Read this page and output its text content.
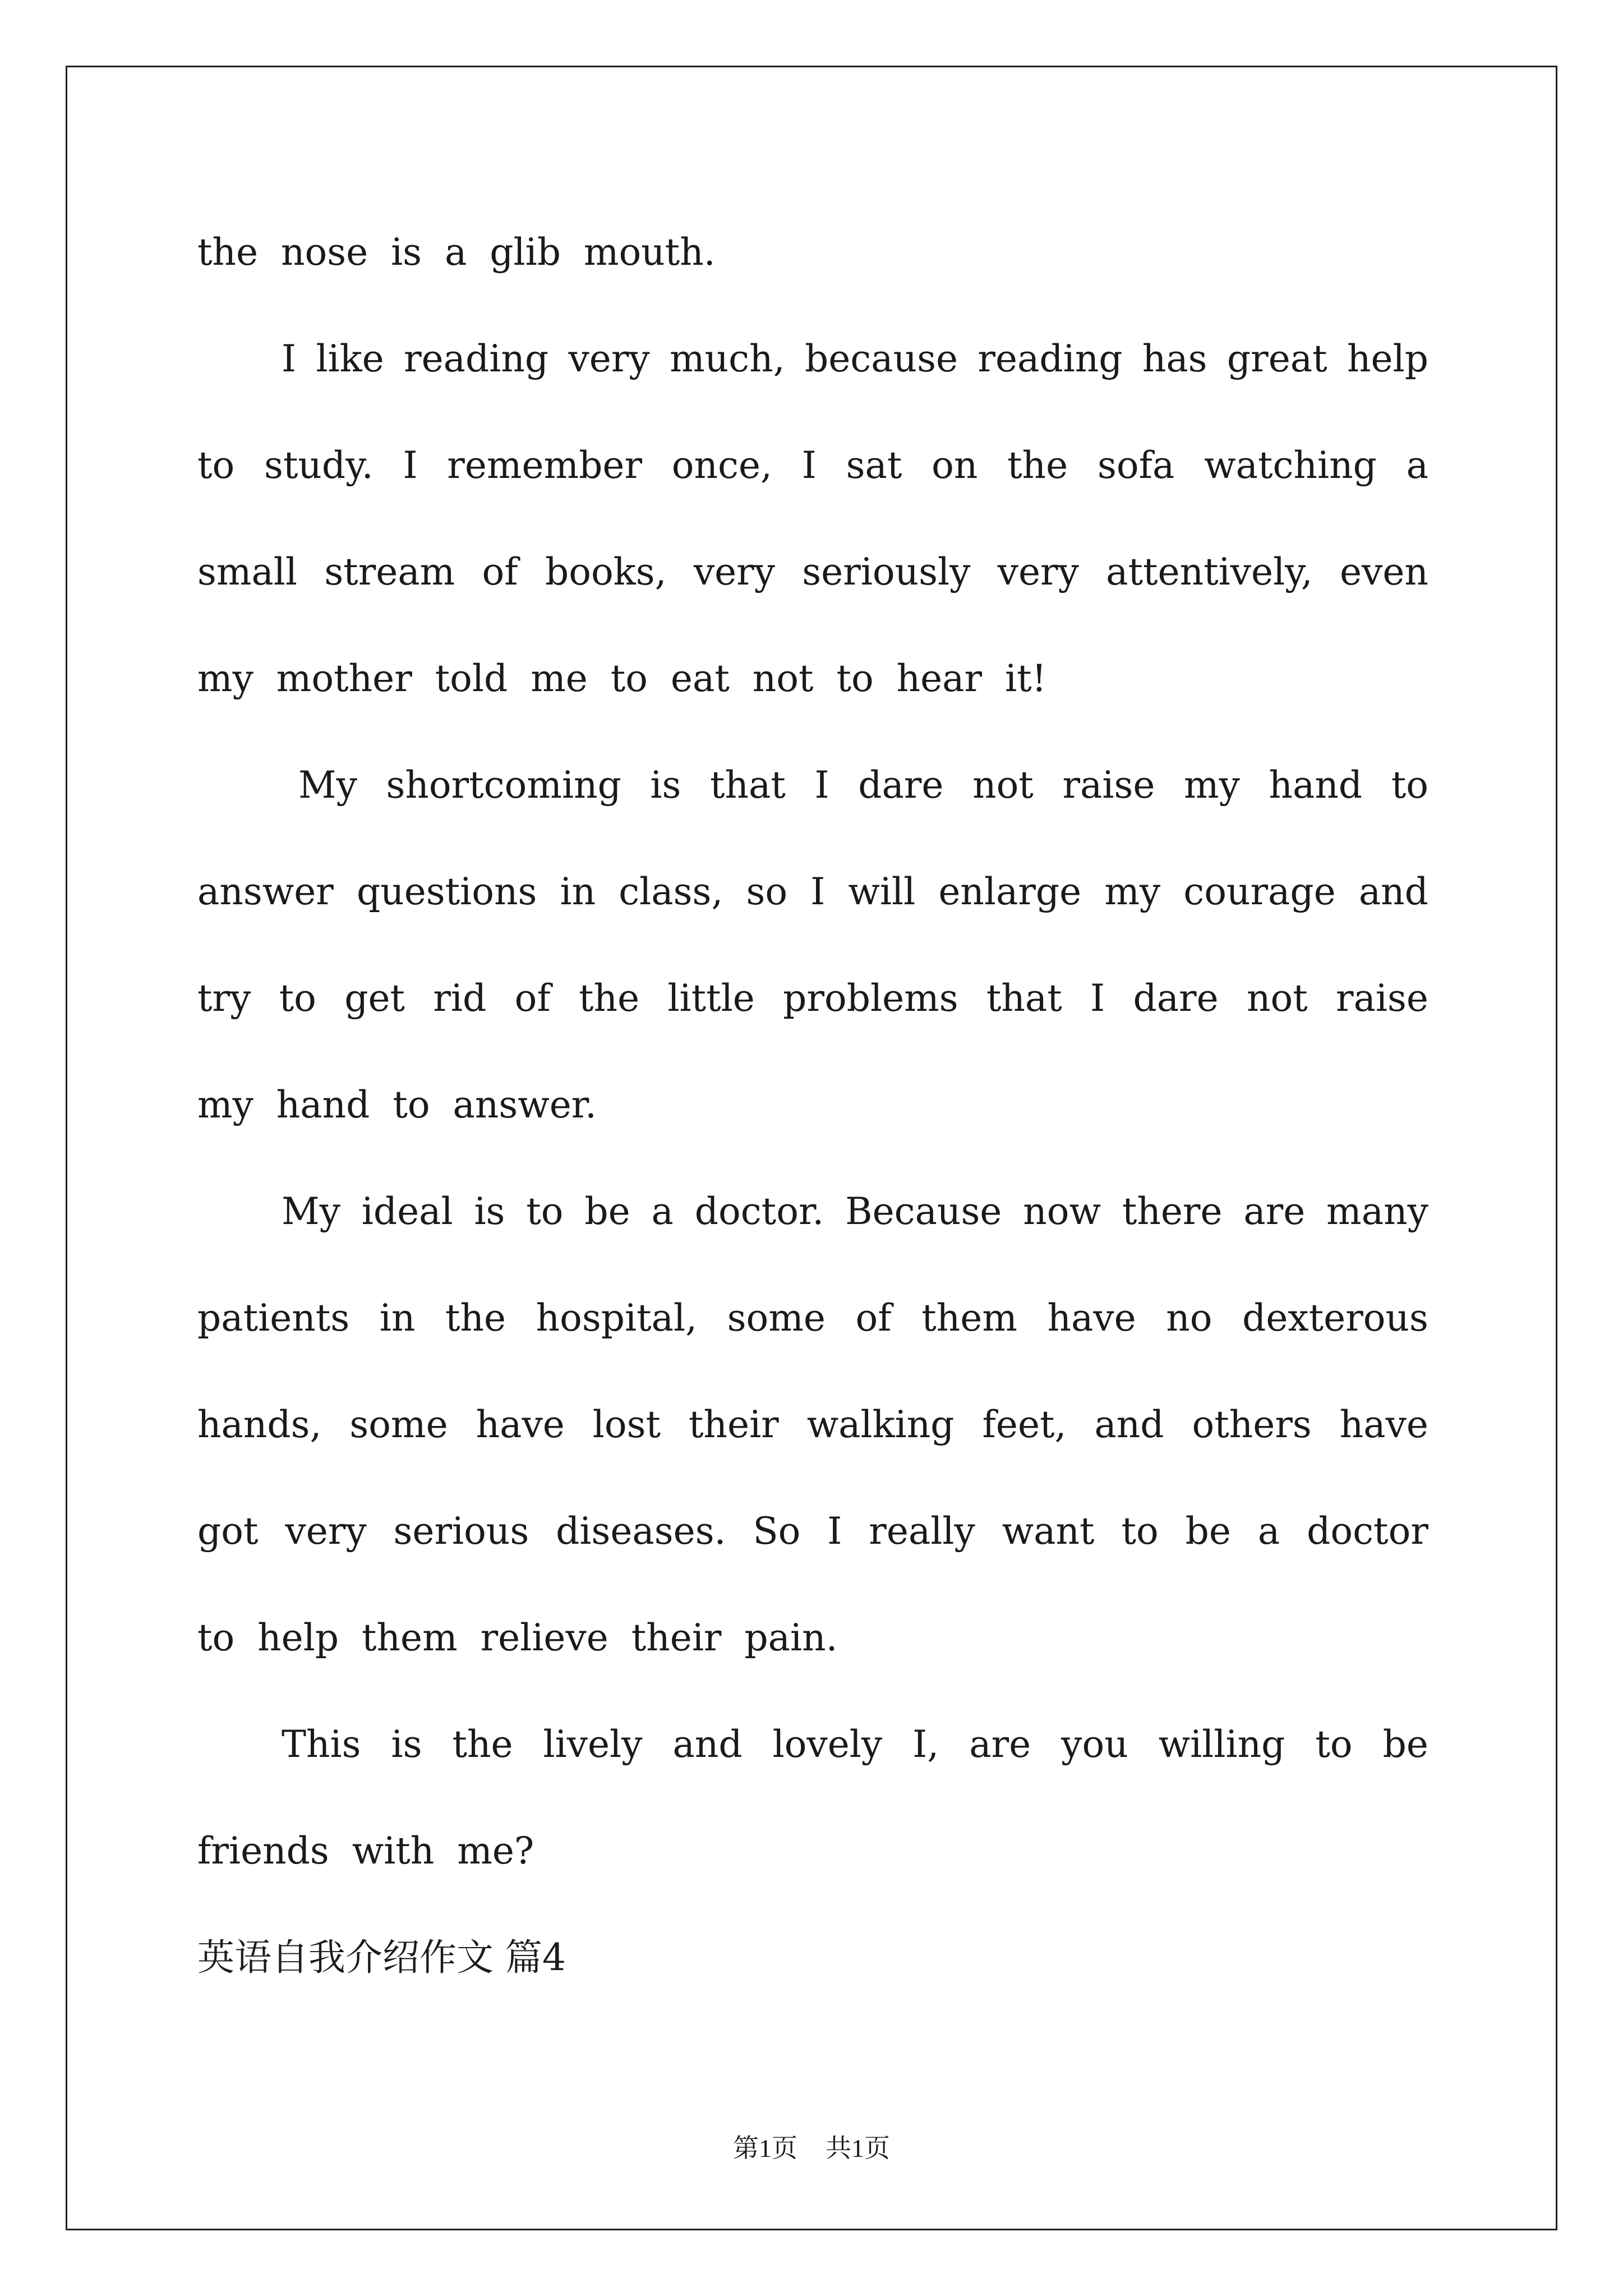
the nose is a glib mouth.
I like reading very much, because reading has great help
to study. I remember once, I sat on the sofa watching a
small stream of books, very seriously very attentively, even
my mother told me to eat not to hear it!
My shortcoming is that I dare not raise my hand to
answer questions in class, so I will enlarge my courage and
try to get rid of the little problems that I dare not raise
my hand to answer.
My ideal is to be a doctor. Because now there are many
patients in the hospital, some of them have no dexterous
hands, some have lost their walking feet, and others have
got very serious diseases. So I really want to be a doctor
to help them relieve their pain.
This is the lively and lovely I, are you willing to be
friends with me?
英语自我介绍作文 篇4
第1页 共1页
